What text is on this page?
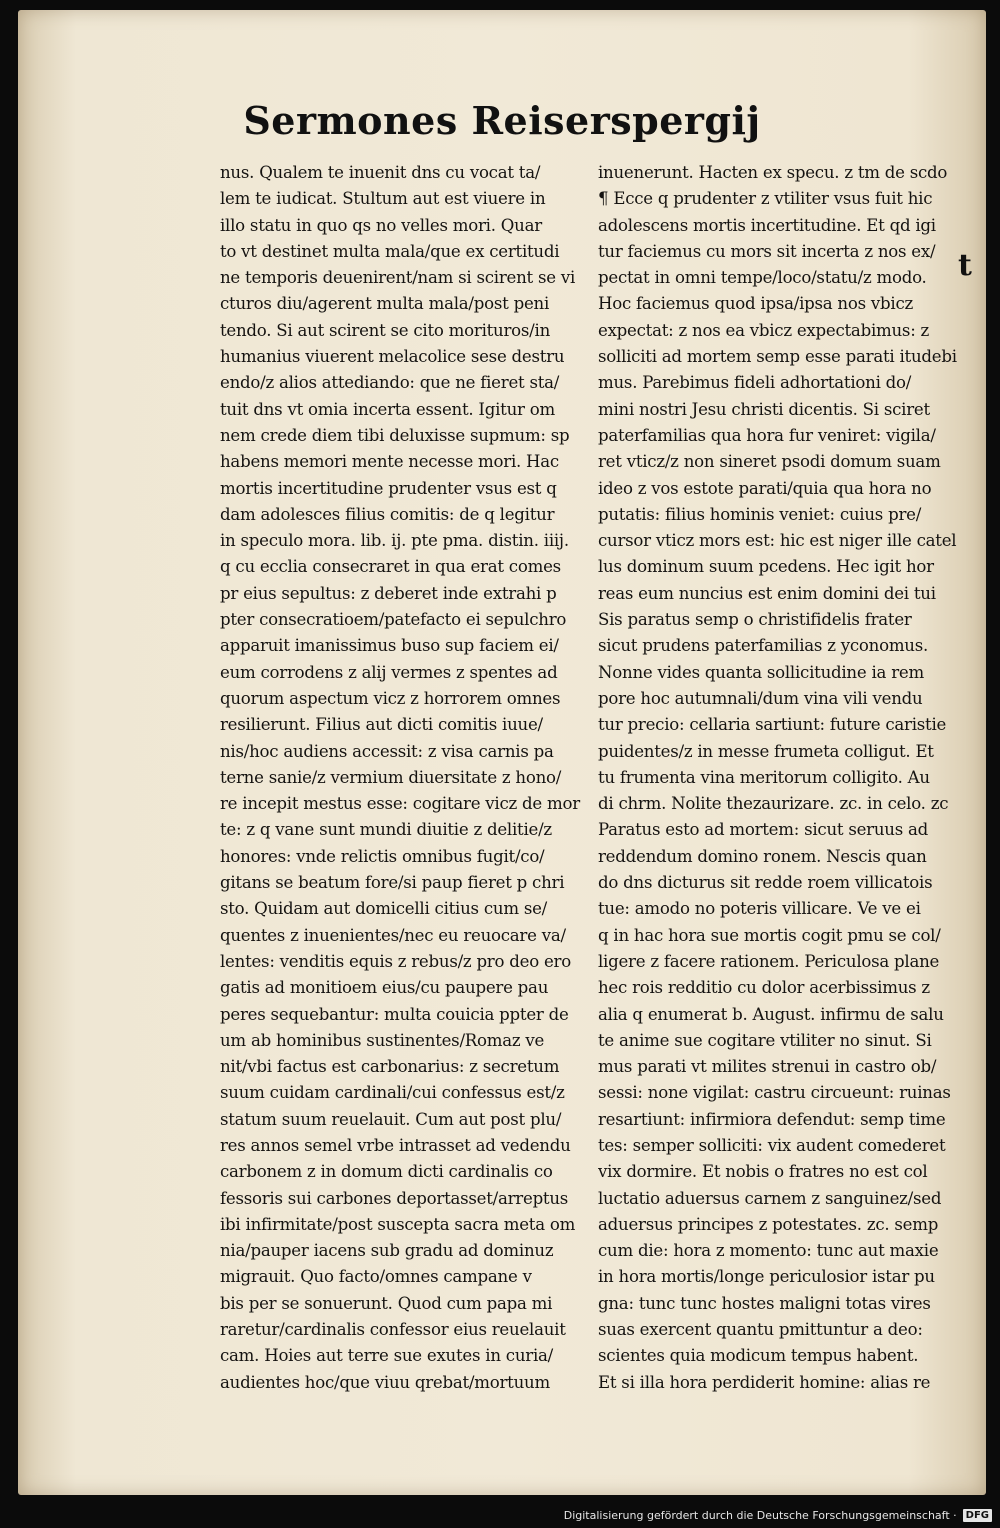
Sermones Reiserspergij
nus. Qualem te inuenit dns cu vocat ta/
lem te iudicat. Stultum aut est viuere in
illo statu in quo qs no velles mori. Quar
to vt destinet multa mala/que ex certitudi
ne temporis deuenirent/nam si scirent se vi
cturos diu/agerent multa mala/post peni
tendo. Si aut scirent se cito morituros/in
humanius viuerent melacolice sese destru
endo/z alios attediando: que ne fieret sta/
tuit dns vt omia incerta essent. Igitur om
nem crede diem tibi deluxisse supmum: sp
habens memori mente necesse mori. Hac
mortis incertitudine prudenter vsus est q
dam adolesces filius comitis: de q legitur
in speculo mora. lib. ij. pte pma. distin. iiij.
q cu ecclia consecraret in qua erat comes
pr eius sepultus: z deberet inde extrahi p
pter consecratioem/patefacto ei sepulchro
apparuit imanissimus buso sup faciem ei/
eum corrodens z alij vermes z spentes ad
quorum aspectum vicz z horrorem omnes
resilierunt. Filius aut dicti comitis iuue/
nis/hoc audiens accessit: z visa carnis pa
terne sanie/z vermium diuersitate z hono/
re incepit mestus esse: cogitare vicz de mor
te: z q vane sunt mundi diuitie z delitie/z
honores: vnde relictis omnibus fugit/co/
gitans se beatum fore/si paup fieret p chri
sto. Quidam aut domicelli citius cum se/
quentes z inuenientes/nec eu reuocare va/
lentes: venditis equis z rebus/z pro deo ero
gatis ad monitioem eius/cu paupere pau
peres sequebantur: multa couicia ppter de
um ab hominibus sustinentes/Romaz ve
nit/vbi factus est carbonarius: z secretum
suum cuidam cardinali/cui confessus est/z
statum suum reuelauit. Cum aut post plu/
res annos semel vrbe intrasset ad vedendu
carbonem z in domum dicti cardinalis co
fessoris sui carbones deportasset/arreptus
ibi infirmitate/post suscepta sacra meta om
nia/pauper iacens sub gradu ad dominuz
migrauit. Quo facto/omnes campane v
bis per se sonuerunt. Quod cum papa mi
raretur/cardinalis confessor eius reuelauit
cam. Hoies aut terre sue exutes in curia/
audientes hoc/que viuu qrebat/mortuum
inuenerunt. Hacten ex specu. z tm de scdo
¶ Ecce q prudenter z vtiliter vsus fuit hic
adolescens mortis incertitudine. Et qd igi
tur faciemus cu mors sit incerta z nos ex/
pectat in omni tempe/loco/statu/z modo.
Hoc faciemus quod ipsa/ipsa nos vbicz
expectat: z nos ea vbicz expectabimus: z
solliciti ad mortem semp esse parati itudebi
mus. Parebimus fideli adhortationi do/
mini nostri Jesu christi dicentis. Si sciret
paterfamilias qua hora fur veniret: vigila/
ret vticz/z non sineret psodi domum suam
ideo z vos estote parati/quia qua hora no
putatis: filius hominis veniet: cuius pre/
cursor vticz mors est: hic est niger ille catel
lus dominum suum pcedens. Hec igit hor
reas eum nuncius est enim domini dei tui
Sis paratus semp o christifidelis frater
sicut prudens paterfamilias z yconomus.
Nonne vides quanta sollicitudine ia rem
pore hoc autumnali/dum vina vili vendu
tur precio: cellaria sartiunt: future caristie
puidentes/z in messe frumeta colligut. Et
tu frumenta vina meritorum colligito. Au
di chrm. Nolite thezaurizare. zc. in celo. zc
Paratus esto ad mortem: sicut seruus ad
reddendum domino ronem. Nescis quan
do dns dicturus sit redde roem villicatois
tue: amodo no poteris villicare. Ve ve ei
q in hac hora sue mortis cogit pmu se col/
ligere z facere rationem. Periculosa plane
hec rois redditio cu dolor acerbissimus z
alia q enumerat b. August. infirmu de salu
te anime sue cogitare vtiliter no sinut. Si
mus parati vt milites strenui in castro ob/
sessi: none vigilat: castru circueunt: ruinas
resartiunt: infirmiora defendut: semp time
tes: semper solliciti: vix audent comederet
vix dormire. Et nobis o fratres no est col
luctatio aduersus carnem z sanguinez/sed
aduersus principes z potestates. zc. semp
cum die: hora z momento: tunc aut maxie
in hora mortis/longe periculosior istar pu
gna: tunc tunc hostes maligni totas vires
suas exercent quantu pmittuntur a deo:
scientes quia modicum tempus habent.
Et si illa hora perdiderit homine: alias re
t
Digitalisierung gefördert durch die Deutsche Forschungsgemeinschaft · DFG
